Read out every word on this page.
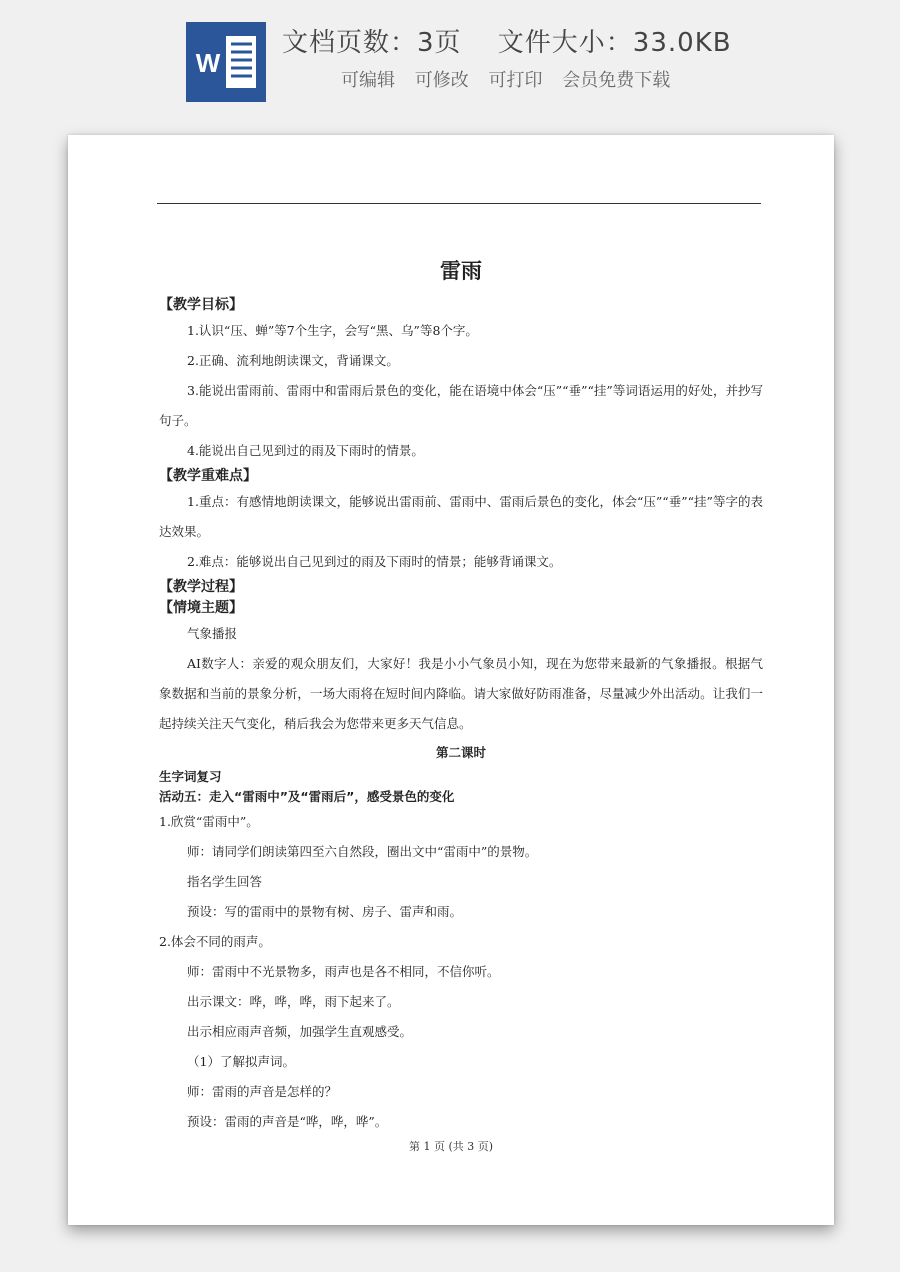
W
文档页数：3页　 文件大小：33.0KB
可编辑 可修改 可打印 会员免费下载
雷雨

【教学目标】

1.认识“压、蝉”等7个生字，会写“黑、乌”等8个字。

2.正确、流利地朗读课文，背诵课文。

3.能说出雷雨前、雷雨中和雷雨后景色的变化，能在语境中体会“压”“垂”“挂”等词语运用的好处，并抄写句子。

4.能说出自己见到过的雨及下雨时的情景。

【教学重难点】

1.重点：有感情地朗读课文，能够说出雷雨前、雷雨中、雷雨后景色的变化，体会“压”“垂”“挂”等字的表达效果。

2.难点：能够说出自己见到过的雨及下雨时的情景；能够背诵课文。

【教学过程】

【情境主题】

气象播报

AI数字人：亲爱的观众朋友们，大家好！我是小小气象员小知，现在为您带来最新的气象播报。根据气象数据和当前的景象分析，一场大雨将在短时间内降临。请大家做好防雨准备，尽量减少外出活动。让我们一起持续关注天气变化，稍后我会为您带来更多天气信息。

第二课时

生字词复习

活动五：走入“雷雨中”及“雷雨后”，感受景色的变化

1.欣赏“雷雨中”。

师：请同学们朗读第四至六自然段，圈出文中“雷雨中”的景物。

指名学生回答

预设：写的雷雨中的景物有树、房子、雷声和雨。

2.体会不同的雨声。

师：雷雨中不光景物多，雨声也是各不相同，不信你听。

出示课文：哗，哗，哗，雨下起来了。

出示相应雨声音频，加强学生直观感受。

（1）了解拟声词。

师：雷雨的声音是怎样的？

预设：雷雨的声音是“哗，哗，哗”。

第 1 页 (共 3 页)
